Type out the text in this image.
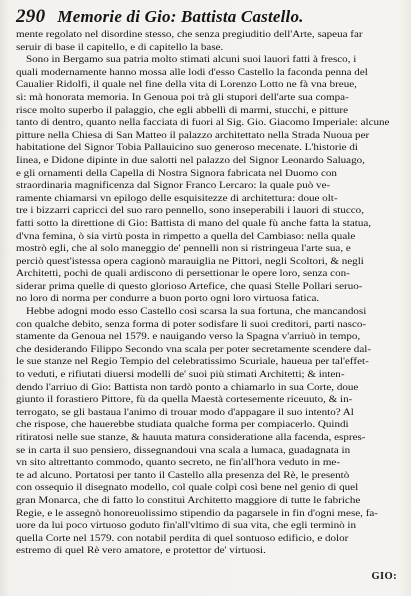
290 Memorie di Gio: Battista Castello.
mente regolato nel disordine stesso, che senza pregiuditio dell'Arte, sapeua far
seruir di base il capitello, e di capitello la base.
Sono in Bergamo sua patria molto stimati alcuni suoi lauori fatti à fresco, i
quali modernamente hanno mossa alle lodi d'esso Castello la faconda penna del
Caualier Ridolfi, il quale nel fine della vita di Lorenzo Lotto ne fà vna breue,
sì: mà honorata memoria. In Genoua poi trà gli stupori dell'arte sua compa-
risce molto superbo il palaggio, che egli abbellì di marmi, stucchi, e pitture
tanto di dentro, quanto nella facciata di fuori al Sig. Gio. Giacomo Imperiale: alcune
pitture nella Chiesa di San Matteo il palazzo architettato nella Strada Nuoua per
habitatione del Signor Tobia Pallauicino suo generoso mecenate. L'historie di
Iinea, e Didone dipinte in due salotti nel palazzo del Signor Leonardo Saluago,
e gli ornamenti della Capella di Nostra Signora fabricata nel Duomo con
straordinaria magnificenza dal Signor Franco Lercaro: la quale può ve-
ramente chiamarsi vn epilogo delle esquisitezze di architettura: doue olt-
tre i bizzarri capricci del suo raro pennello, sono inseperabili i lauori di stucco,
fatti sotto la direttione di Gio: Battista di mano del quale fù anche fatta la statua,
d'vna femina, ò sia virtù posta in rimpetto a quella del Cambiaso: nella quale
mostrò egli, che al solo maneggio de' pennelli non si ristringeua l'arte sua, e
perciò quest'istessa opera cagionò marauiglia ne Pittori, negli Scoltori, & negli
Architetti, pochi de quali ardiscono di persettionar le opere loro, senza con-
siderar prima quelle di questo glorioso Artefice, che quasi Stelle Pollari seruo-
no loro di norma per condurre a buon porto ogni loro virtuosa fatica.
Hebbe adogni modo esso Castello così scarsa la sua fortuna, che mancandosi
con qualche debito, senza forma di poter sodisfare li suoi creditori, parti nasco-
stamente da Genoua nel 1579. e nauigando verso la Spagna v'arriuò in tempo,
che desiderando Filippo Secondo vna scala per poter secretamente scendere dal-
le sue stanze nel Regio Tempio del celebratissimo Scuriale, haueua per tal'effet-
to veduti, e rifiutati diuersi modelli de' suoi più stimati Architetti; & inten-
dendo l'arriuo di Gio: Battista non tardò ponto a chiamarlo in sua Corte, doue
giunto il forastiero Pittore, fù da quella Maestà cortesemente riceuuto, & in-
terrogato, se gli bastaua l'animo di trouar modo d'appagare il suo intento? Al
che rispose, che hauerebbe studiata qualche forma per compiacerlo. Quindi
ritiratosi nelle sue stanze, & hauuta matura consideratione alla facenda, espres-
se in carta il suo pensiero, dissegnandoui vna scala a lumaca, guadagnata in
vn sito altrettanto commodo, quanto secreto, ne fin'all'hora veduto in me-
te ad alcuno. Portatosi per tanto il Castello alla presenza del Rè, le presentò
con ossequio il disegnato modello, col quale colpì così bene nel genio di quel
gran Monarca, che di fatto lo constituì Architetto maggiore di tutte le fabriche
Regie, e le assegnò honoreuolissimo stipendio da pagarsele in fin d'ogni mese, fa-
uore da lui poco virtuoso goduto fin'all'vltimo di sua vita, che egli terminò in
quella Corte nel 1579. con notabil perdita di quel sontuoso edificio, e dolor
estremo di quel Rè vero amatore, e protettor de' virtuosi.
GIO:
